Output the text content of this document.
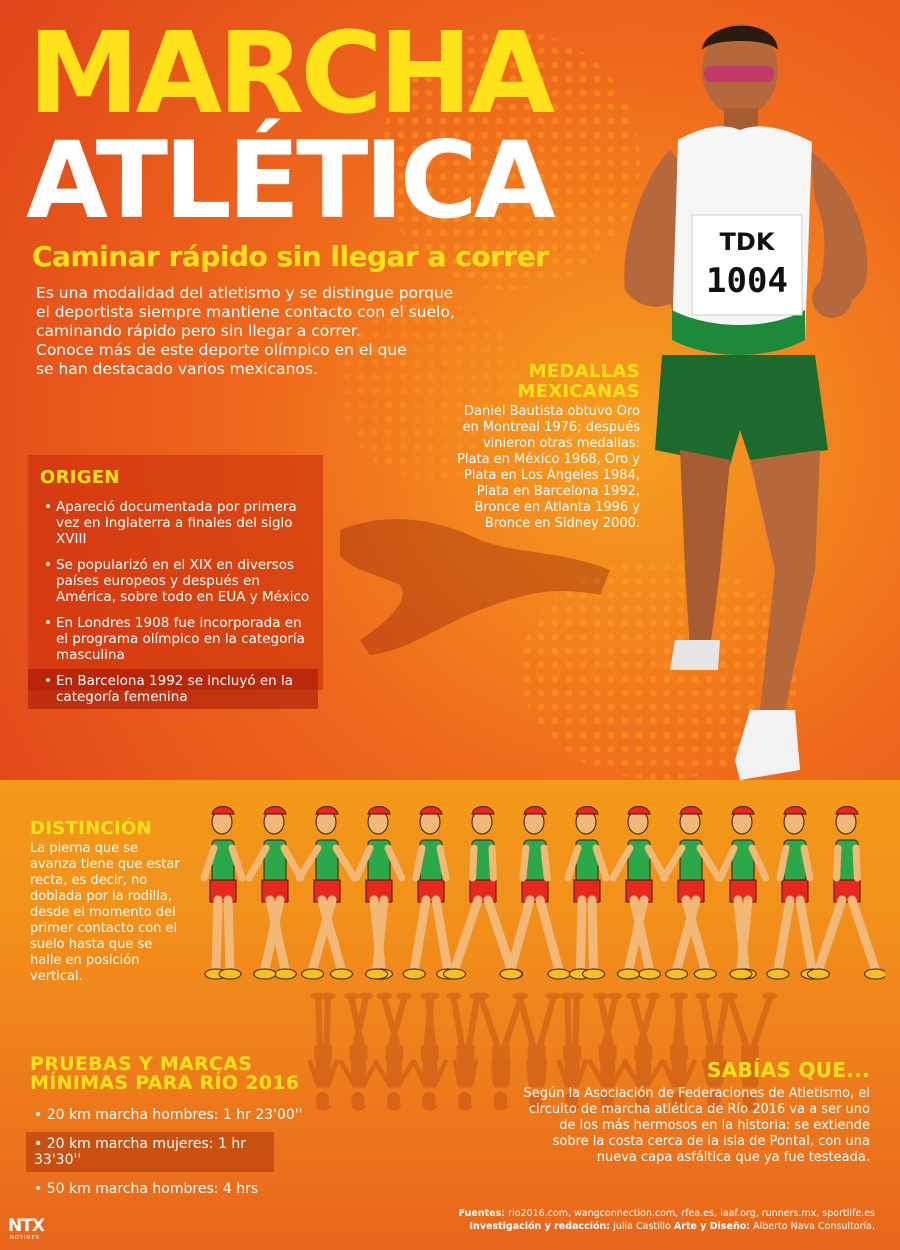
MARCHA
ATLÉTICA
Caminar rápido sin llegar a correr
Es una modalidad del atletismo y se distingue porque
el deportista siempre mantiene contacto con el suelo,
caminando rápido pero sin llegar a correr.
Conoce más de este deporte olímpico en el que
se han destacado varios mexicanos.
TDK
1004
ORIGEN
• Apareció documentada por primera vez en Inglaterra a finales del siglo XVIII
• Se popularizó en el XIX en diversos países europeos y después en América, sobre todo en EUA y México
• En Londres 1908 fue incorporada en el programa olímpico en la categoría masculina
• En Barcelona 1992 se incluyó en la categoría femenina
MEDALLAS
MEXICANAS

Daniel Bautista obtuvo Oro en Montreal 1976; después vinieron otras medallas: Plata en México 1968, Oro y Plata en Los Ángeles 1984, Plata en Barcelona 1992, Bronce en Atlanta 1996 y Bronce en Sidney 2000.

DISTINCIÓN

La pierna que se avanza tiene que estar recta, es decir, no doblada por la rodilla, desde el momento del primer contacto con el suelo hasta que se halle en posición vertical.

PRUEBAS Y MARCAS
MÍNIMAS PARA RÍO 2016
• 20 km marcha hombres: 1 hr 23'00''
• 20 km marcha mujeres: 1 hr 33'30''
• 50 km marcha hombres: 4 hrs
SABÍAS QUE...

Según la Asociación de Federaciones de Atletismo, el circuito de marcha atlética de Río 2016 va a ser uno de los más hermosos en la historia: se extiende sobre la costa cerca de la isla de Pontal, con una nueva capa asfáltica que ya fue testeada.

Fuentes: rio2016.com, wangconnection.com, rfea.es, iaaf.org, runners.mx, sportlife.es
Investigación y redacción: Julia Castillo Arte y Diseño: Alberto Nava Consultoría.
NTX
NOTIMEX
